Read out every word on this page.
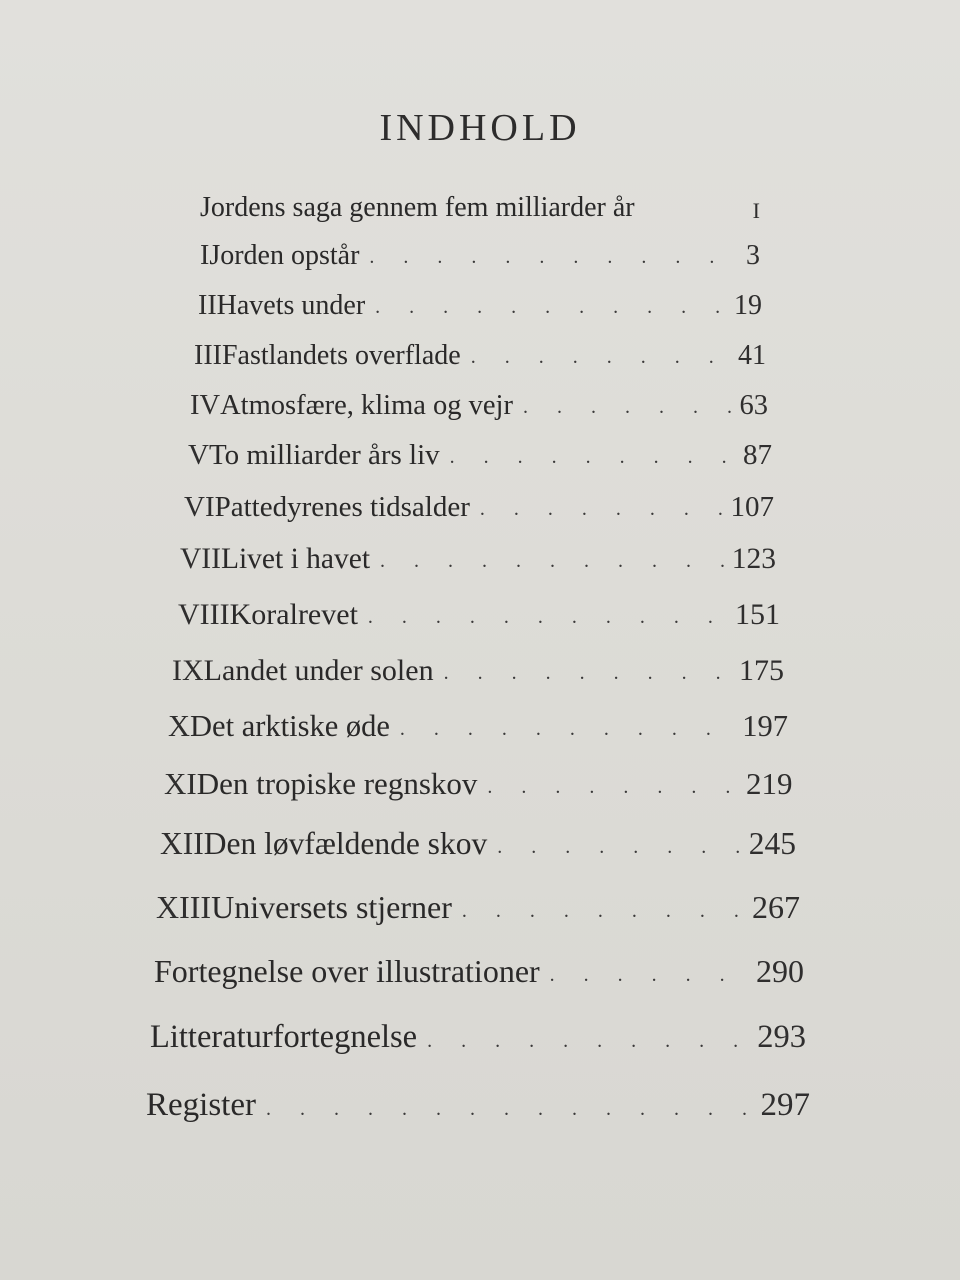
INDHOLD
Jordens saga gennem fem milliarder år	I
I Jorden opstår . . .	3
II Havets under . . .	19
III Fastlandets overflade . . .	41
IV Atmosfære, klima og vejr . . .	63
V To milliarder års liv . . .	87
VI Pattedyrenes tidsalder . . .	107
VII Livet i havet . . .	123
VIII Koralrevet . . .	151
IX Landet under solen . . .	175
X Det arktiske øde . . .	197
XI Den tropiske regnskov . . .	219
XII Den løvfældende skov . . .	245
XIII Universets stjerner . . .	267
Fortegnelse over illustrationer . . .	290
Litteraturfortegnelse . . .	293
Register . . .	297
